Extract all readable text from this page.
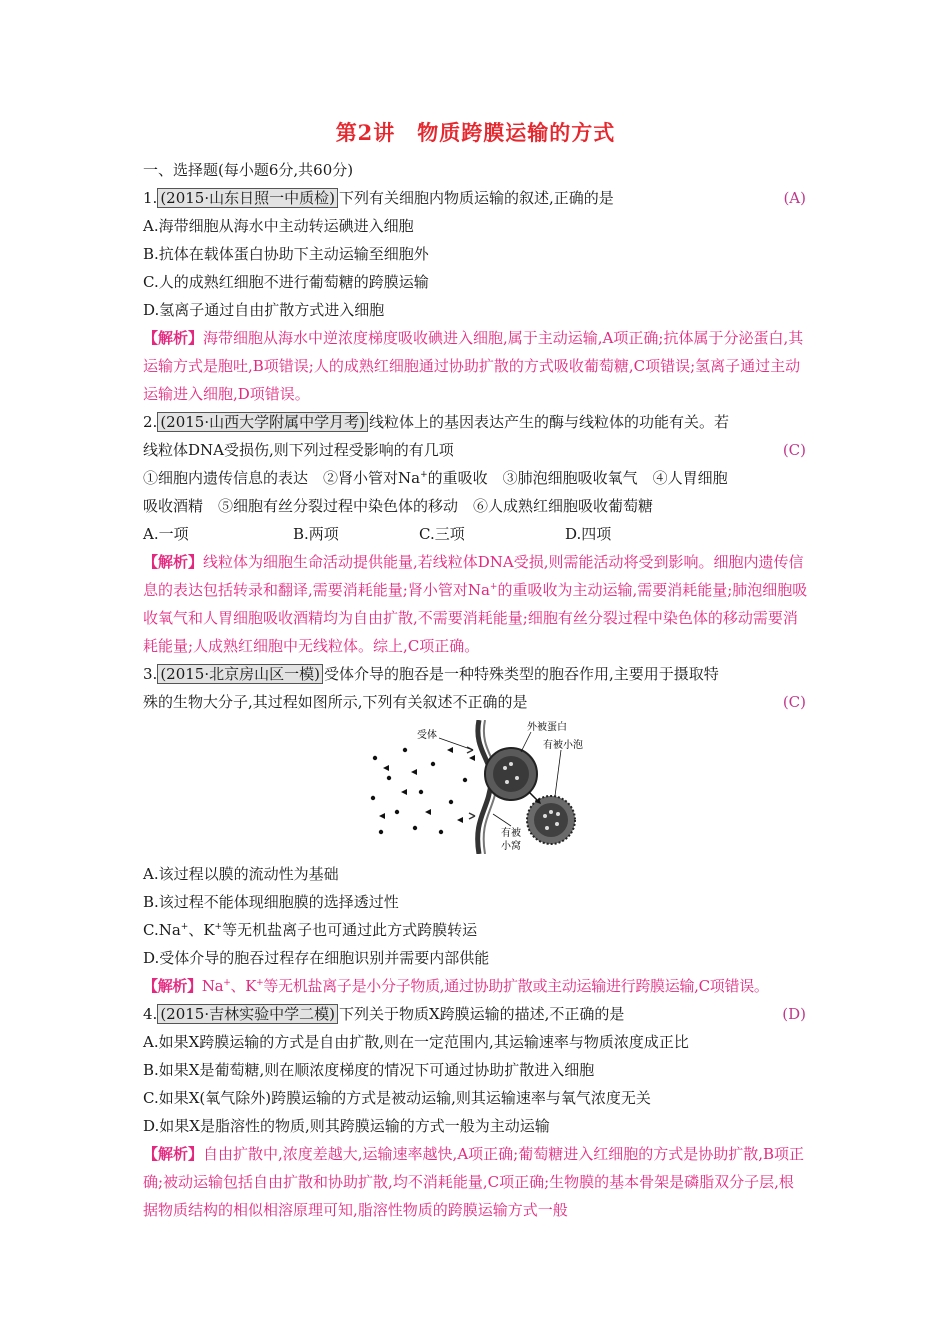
第2讲　物质跨膜运输的方式
一、选择题(每小题6分,共60分)
1. (2015·山东日照一中质检) 下列有关细胞内物质运输的叙述,正确的是	(A)
A.海带细胞从海水中主动转运碘进入细胞
B.抗体在载体蛋白协助下主动运输至细胞外
C.人的成熟红细胞不进行葡萄糖的跨膜运输
D.氢离子通过自由扩散方式进入细胞
【解析】海带细胞从海水中逆浓度梯度吸收碘进入细胞,属于主动运输,A项正确;抗体属于分泌蛋白,其运输方式是胞吐,B项错误;人的成熟红细胞通过协助扩散的方式吸收葡萄糖,C项错误;氢离子通过主动运输进入细胞,D项错误。
2. (2015·山西大学附属中学月考) 线粒体上的基因表达产生的酶与线粒体的功能有关。若
线粒体DNA受损伤,则下列过程受影响的有几项	(C)
①细胞内遗传信息的表达　②肾小管对Na+的重吸收　③肺泡细胞吸收氧气　④人胃细胞
吸收酒精　⑤细胞有丝分裂过程中染色体的移动　⑥人成熟红细胞吸收葡萄糖
A.一项	B.两项	C.三项	D.四项
【解析】线粒体为细胞生命活动提供能量,若线粒体DNA受损,则需能活动将受到影响。细胞内遗传信息的表达包括转录和翻译,需要消耗能量;肾小管对Na+的重吸收为主动运输,需要消耗能量;肺泡细胞吸收氧气和人胃细胞吸收酒精均为自由扩散,不需要消耗能量;细胞有丝分裂过程中染色体的移动需要消耗能量;人成熟红细胞中无线粒体。综上,C项正确。
3. (2015·北京房山区一模) 受体介导的胞吞是一种特殊类型的胞吞作用,主要用于摄取特
殊的生物大分子,其过程如图所示,下列有关叙述不正确的是	(C)
受体
外被蛋白
有被小泡
有被
小窝
A.该过程以膜的流动性为基础
B.该过程不能体现细胞膜的选择透过性
C.Na+、K+等无机盐离子也可通过此方式跨膜转运
D.受体介导的胞吞过程存在细胞识别并需要内部供能
【解析】Na+、K+等无机盐离子是小分子物质,通过协助扩散或主动运输进行跨膜运输,C项错误。
4. (2015·吉林实验中学二模) 下列关于物质X跨膜运输的描述,不正确的是	(D)
A.如果X跨膜运输的方式是自由扩散,则在一定范围内,其运输速率与物质浓度成正比
B.如果X是葡萄糖,则在顺浓度梯度的情况下可通过协助扩散进入细胞
C.如果X(氧气除外)跨膜运输的方式是被动运输,则其运输速率与氧气浓度无关
D.如果X是脂溶性的物质,则其跨膜运输的方式一般为主动运输
【解析】自由扩散中,浓度差越大,运输速率越快,A项正确;葡萄糖进入红细胞的方式是协助扩散,B项正确;被动运输包括自由扩散和协助扩散,均不消耗能量,C项正确;生物膜的基本骨架是磷脂双分子层,根据物质结构的相似相溶原理可知,脂溶性物质的跨膜运输方式一般
